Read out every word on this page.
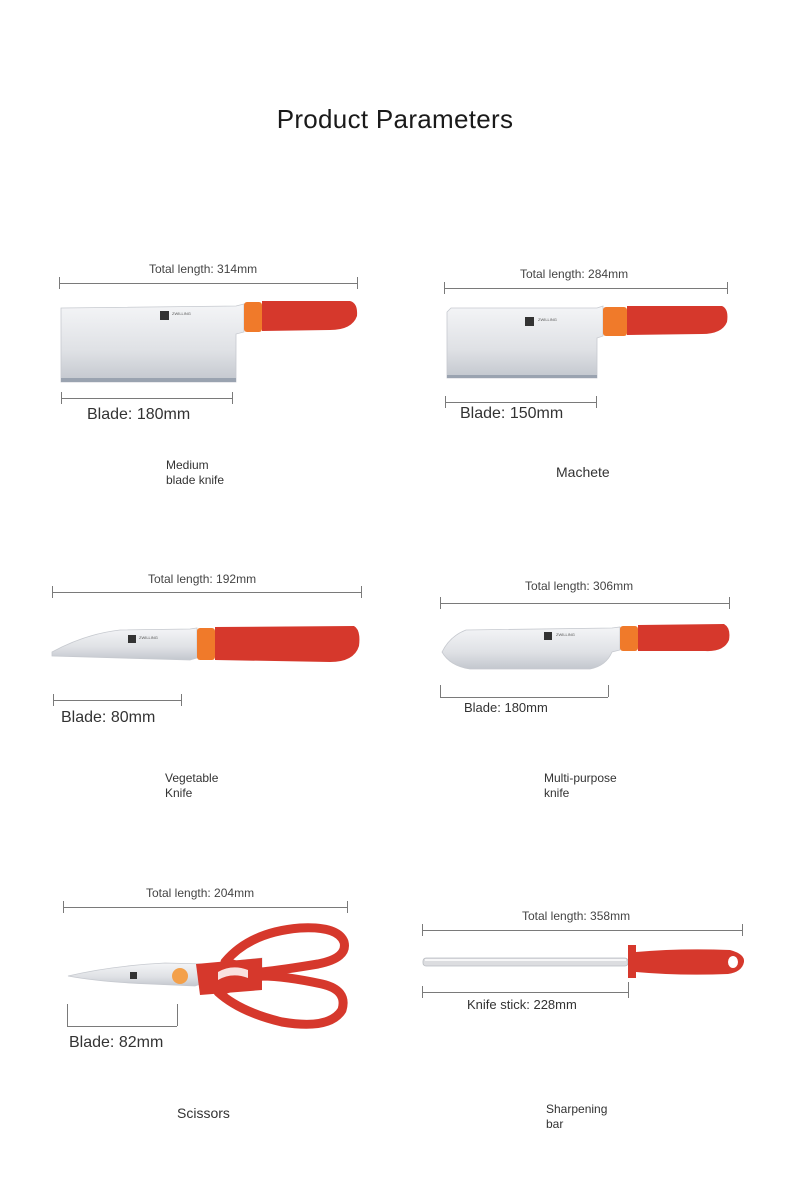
Product Parameters
Total length: 314mm
ZWILLING
Blade: 180mm
Medium
blade knife
Total length: 284mm
ZWILLING
Blade: 150mm
Machete
Total length: 192mm
ZWILLING
Blade: 80mm
Vegetable
Knife
Total length: 306mm
ZWILLING
Blade: 180mm
Multi-purpose
knife
Total length: 204mm
Blade: 82mm
Scissors
Total length: 358mm
Knife stick: 228mm
Sharpening
bar
